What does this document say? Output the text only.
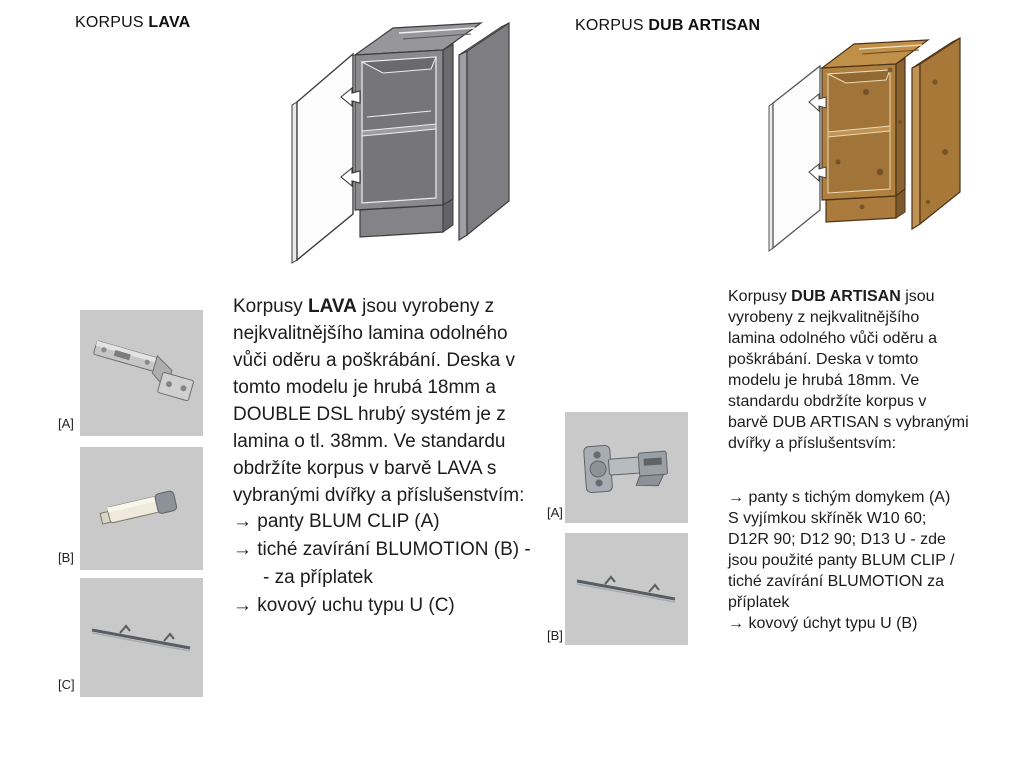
KORPUS LAVA
[A]
[B]
[C]
Korpusy LAVA jsou vyrobeny z
nejkvalitnějšího lamina odolného
vůči oděru a poškrábání. Deska v
tomto modelu je hrubá 18mm a
DOUBLE DSL hrubý systém je z
lamina o tl. 38mm. Ve standardu
obdržíte korpus v barvě LAVA s
vybranými dvířky a příslušenstvím:
→ panty BLUM CLIP (A)
→ tiché zavírání BLUMOTION (B) -
- za příplatek
→ kovový uchu typu U (C)
KORPUS DUB ARTISAN
[A]
[B]
Korpusy DUB ARTISAN jsou
vyrobeny z nejkvalitnějšího
lamina odolného vůči oděru a
poškrábání. Deska v tomto
modelu je hrubá 18mm. Ve
standardu obdržíte korpus v
barvě DUB ARTISAN s vybranými
dvířky a příslušentsvím:
→ panty s tichým domykem (A)
S vyjímkou skříněk W10 60;
D12R 90; D12 90; D13 U - zde
jsou použité panty BLUM CLIP /
tiché zavírání BLUMOTION za
příplatek
→ kovový úchyt typu U (B)
